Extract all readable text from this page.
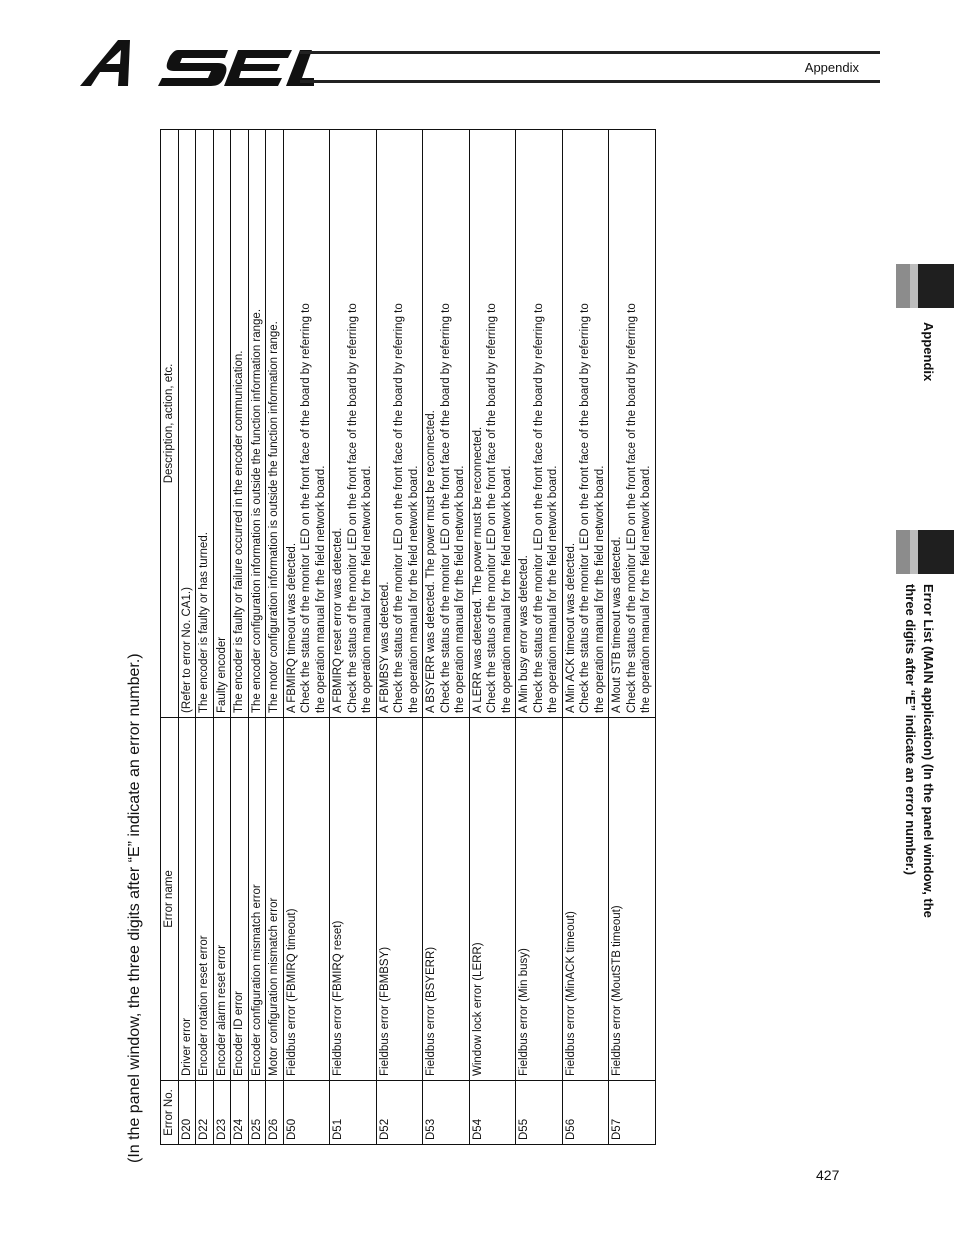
Appendix
Appendix
Error List (MAIN application) (In the panel window, the
three digits after “E” indicate an error number.)
(In the panel window, the three digits after “E” indicate an error number.) Error No.	Error name	Description, action, etc.
D20	Driver error	(Refer to error No. CA1.)

D22	Encoder rotation reset error	The encoder is faulty or has turned.

D23	Encoder alarm reset error	Faulty encoder

D24	Encoder ID error	The encoder is faulty or failure occurred in the encoder communication.

D25	Encoder configuration mismatch error	The encoder configuration information is outside the function information range.

D26	Motor configuration mismatch error	The motor configuration information is outside the function information range.

D50	Fieldbus error (FBMIRQ timeout)	A FBMIRQ timeout was detected. Check the status of the monitor LED on the front face of the board by referring to the operation manual for the field network board.

D51	Fieldbus error (FBMIRQ reset)	A FBMIRQ reset error was detected. Check the status of the monitor LED on the front face of the board by referring to the operation manual for the field network board.

D52	Fieldbus error (FBMBSY)	A FBMBSY was detected. Check the status of the monitor LED on the front face of the board by referring to the operation manual for the field network board.

D53	Fieldbus error (BSYERR)	A BSYERR was detected. The power must be reconnected. Check the status of the monitor LED on the front face of the board by referring to the operation manual for the field network board.

D54	Window lock error (LERR)	A LERR was detected. The power must be reconnected. Check the status of the monitor LED on the front face of the board by referring to the operation manual for the field network board.

D55	Fieldbus error (Min busy)	A Min busy error was detected. Check the status of the monitor LED on the front face of the board by referring to the operation manual for the field network board.

D56	Fieldbus error (MinACK timeout)	A Min ACK timeout was detected. Check the status of the monitor LED on the front face of the board by referring to the operation manual for the field network board.

D57	Fieldbus error (MoutSTB timeout)	A Mout STB timeout was detected. Check the status of the monitor LED on the front face of the board by referring to the operation manual for the field network board.
427
